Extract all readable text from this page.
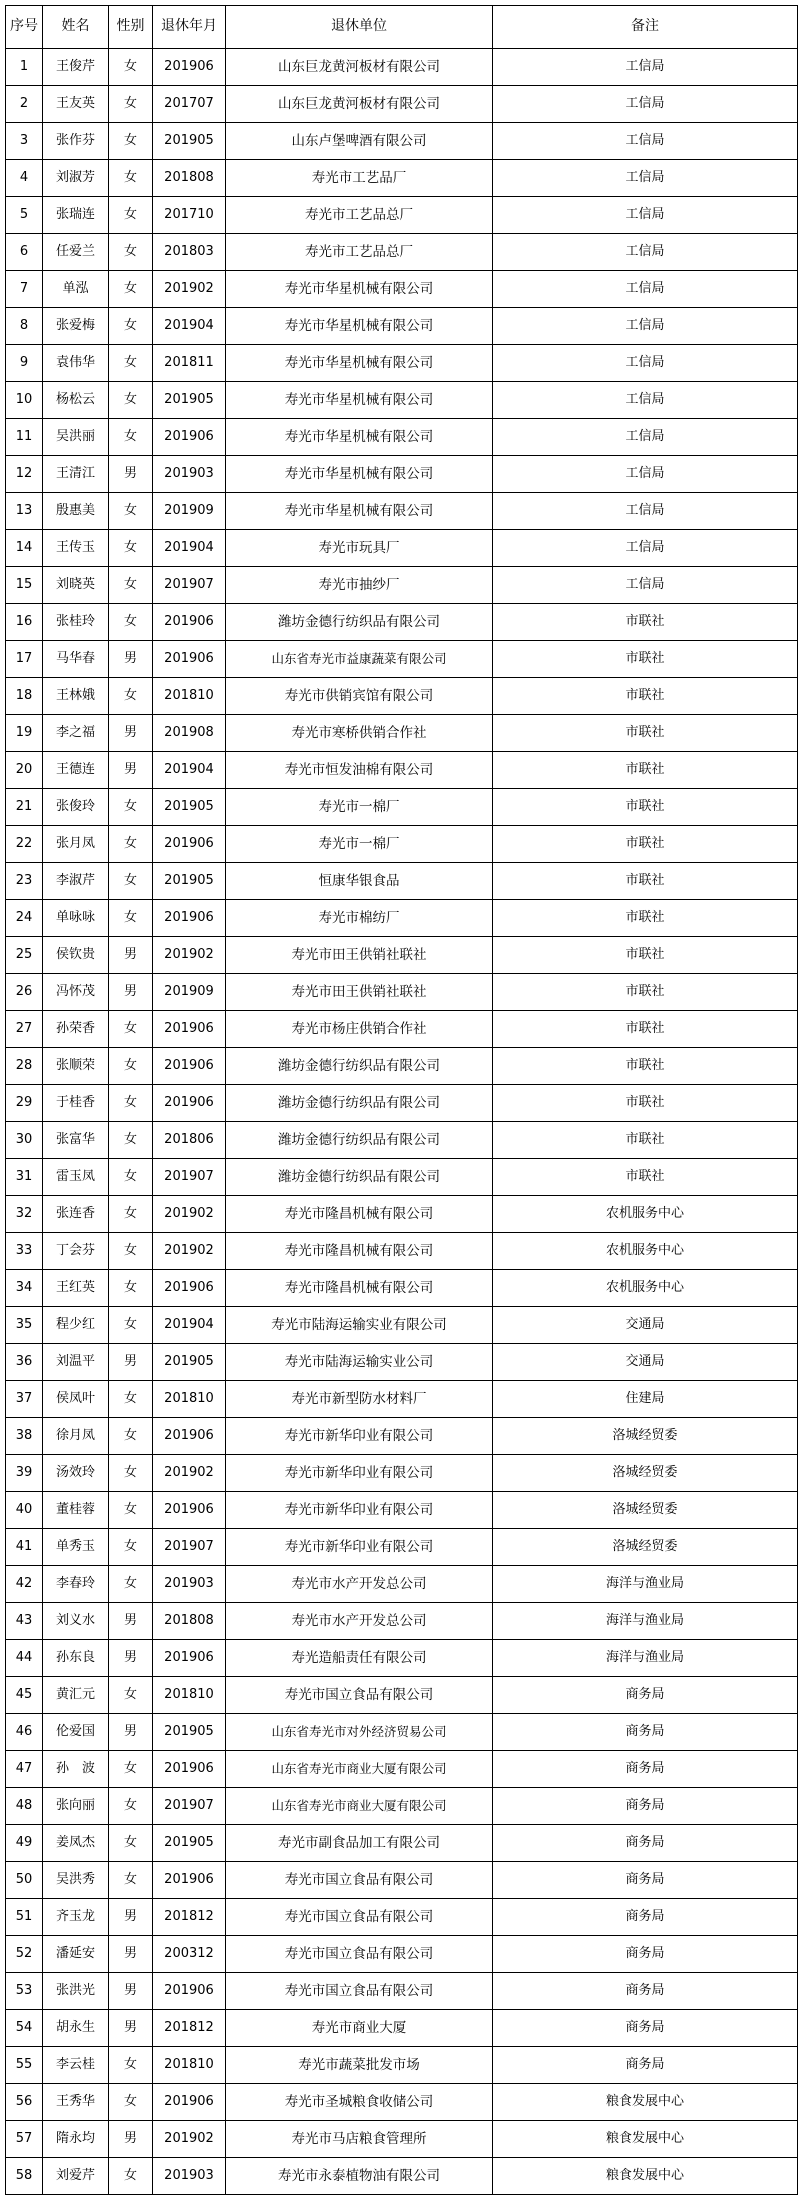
序号	姓名	性别	退休年月	退休单位	备注
1	王俊芹	女	201906	山东巨龙黄河板材有限公司	工信局
2	王友英	女	201707	山东巨龙黄河板材有限公司	工信局
3	张作芬	女	201905	山东卢堡啤酒有限公司	工信局
4	刘淑芳	女	201808	寿光市工艺品厂	工信局
5	张瑞连	女	201710	寿光市工艺品总厂	工信局
6	任爱兰	女	201803	寿光市工艺品总厂	工信局
7	单泓	女	201902	寿光市华星机械有限公司	工信局
8	张爱梅	女	201904	寿光市华星机械有限公司	工信局
9	袁伟华	女	201811	寿光市华星机械有限公司	工信局
10	杨松云	女	201905	寿光市华星机械有限公司	工信局
11	吴洪丽	女	201906	寿光市华星机械有限公司	工信局
12	王清江	男	201903	寿光市华星机械有限公司	工信局
13	殷惠美	女	201909	寿光市华星机械有限公司	工信局
14	王传玉	女	201904	寿光市玩具厂	工信局
15	刘晓英	女	201907	寿光市抽纱厂	工信局
16	张桂玲	女	201906	潍坊金德行纺织品有限公司	市联社
17	马华春	男	201906	山东省寿光市益康蔬菜有限公司	市联社
18	王林娥	女	201810	寿光市供销宾馆有限公司	市联社
19	李之福	男	201908	寿光市寒桥供销合作社	市联社
20	王德连	男	201904	寿光市恒发油棉有限公司	市联社
21	张俊玲	女	201905	寿光市一棉厂	市联社
22	张月凤	女	201906	寿光市一棉厂	市联社
23	李淑芹	女	201905	恒康华银食品	市联社
24	单咏咏	女	201906	寿光市棉纺厂	市联社
25	侯钦贵	男	201902	寿光市田王供销社联社	市联社
26	冯怀茂	男	201909	寿光市田王供销社联社	市联社
27	孙荣香	女	201906	寿光市杨庄供销合作社	市联社
28	张顺荣	女	201906	潍坊金德行纺织品有限公司	市联社
29	于桂香	女	201906	潍坊金德行纺织品有限公司	市联社
30	张富华	女	201806	潍坊金德行纺织品有限公司	市联社
31	雷玉凤	女	201907	潍坊金德行纺织品有限公司	市联社
32	张连香	女	201902	寿光市隆昌机械有限公司	农机服务中心
33	丁会芬	女	201902	寿光市隆昌机械有限公司	农机服务中心
34	王红英	女	201906	寿光市隆昌机械有限公司	农机服务中心
35	程少红	女	201904	寿光市陆海运输实业有限公司	交通局
36	刘温平	男	201905	寿光市陆海运输实业公司	交通局
37	侯凤叶	女	201810	寿光市新型防水材料厂	住建局
38	徐月凤	女	201906	寿光市新华印业有限公司	洛城经贸委
39	汤效玲	女	201902	寿光市新华印业有限公司	洛城经贸委
40	董桂蓉	女	201906	寿光市新华印业有限公司	洛城经贸委
41	单秀玉	女	201907	寿光市新华印业有限公司	洛城经贸委
42	李春玲	女	201903	寿光市水产开发总公司	海洋与渔业局
43	刘义水	男	201808	寿光市水产开发总公司	海洋与渔业局
44	孙东良	男	201906	寿光造船责任有限公司	海洋与渔业局
45	黄汇元	女	201810	寿光市国立食品有限公司	商务局
46	伦爱国	男	201905	山东省寿光市对外经济贸易公司	商务局
47	孙　波	女	201906	山东省寿光市商业大厦有限公司	商务局
48	张向丽	女	201907	山东省寿光市商业大厦有限公司	商务局
49	姜凤杰	女	201905	寿光市副食品加工有限公司	商务局
50	吴洪秀	女	201906	寿光市国立食品有限公司	商务局
51	齐玉龙	男	201812	寿光市国立食品有限公司	商务局
52	潘延安	男	200312	寿光市国立食品有限公司	商务局
53	张洪光	男	201906	寿光市国立食品有限公司	商务局
54	胡永生	男	201812	寿光市商业大厦	商务局
55	李云桂	女	201810	寿光市蔬菜批发市场	商务局
56	王秀华	女	201906	寿光市圣城粮食收储公司	粮食发展中心
57	隋永均	男	201902	寿光市马店粮食管理所	粮食发展中心
58	刘爱芹	女	201903	寿光市永泰植物油有限公司	粮食发展中心
